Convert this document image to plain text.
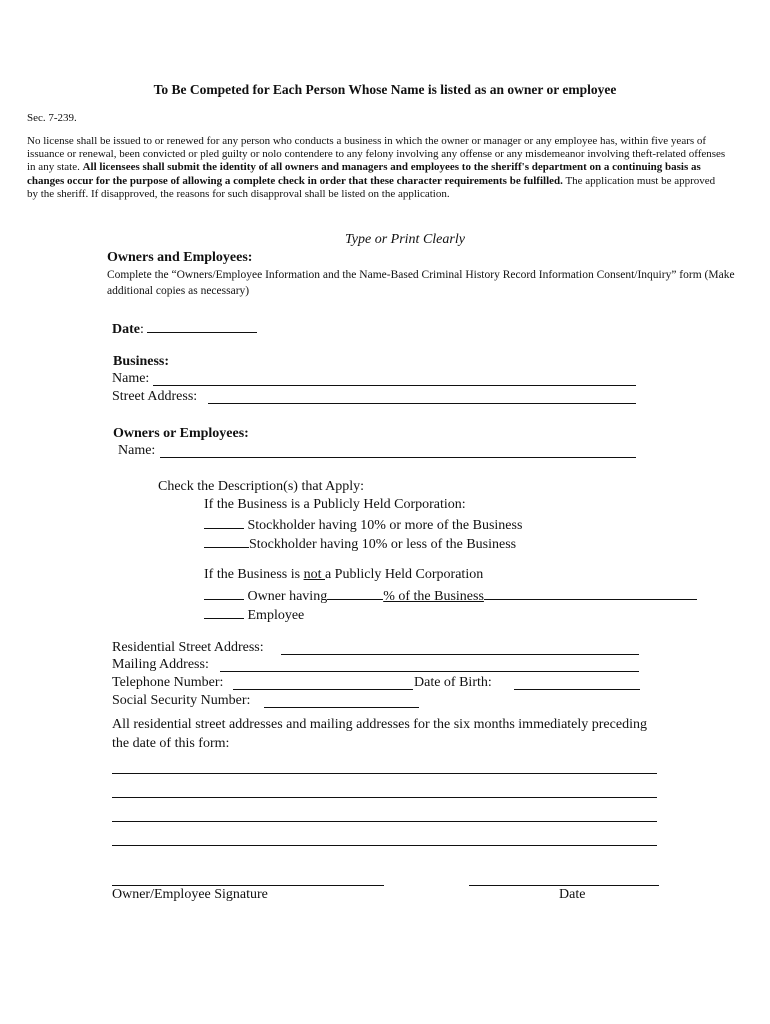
To Be Competed for Each Person Whose Name is listed as an owner or employee
Sec. 7-239.
No license shall be issued to or renewed for any person who conducts a business in which the owner or manager or any employee has, within five years of issuance or renewal, been convicted or pled guilty or nolo contendere to any felony involving any offense or any misdemeanor involving theft-related offenses in any state. All licensees shall submit the identity of all owners and managers and employees to the sheriff's department on a continuing basis as changes occur for the purpose of allowing a complete check in order that these character requirements be fulfilled. The application must be approved by the sheriff. If disapproved, the reasons for such disapproval shall be listed on the application.
Type or Print Clearly
Owners and Employees:
Complete the “Owners/Employee Information and the Name-Based Criminal History Record Information Consent/Inquiry” form (Make additional copies as necessary)
Date:
Business:
Name:
Street Address:
Owners or Employees:
Name:
Check the Description(s) that Apply:
If the Business is a Publicly Held Corporation:
Stockholder having 10% or more of the Business
Stockholder having 10% or less of the Business
If the Business is not a Publicly Held Corporation
Owner having	% of the Business
Employee
Residential Street Address:
Mailing Address:
Telephone Number:	Date of Birth:
Social Security Number:
All residential street addresses and mailing addresses for the six months immediately preceding the date of this form:
Owner/Employee Signature	Date
